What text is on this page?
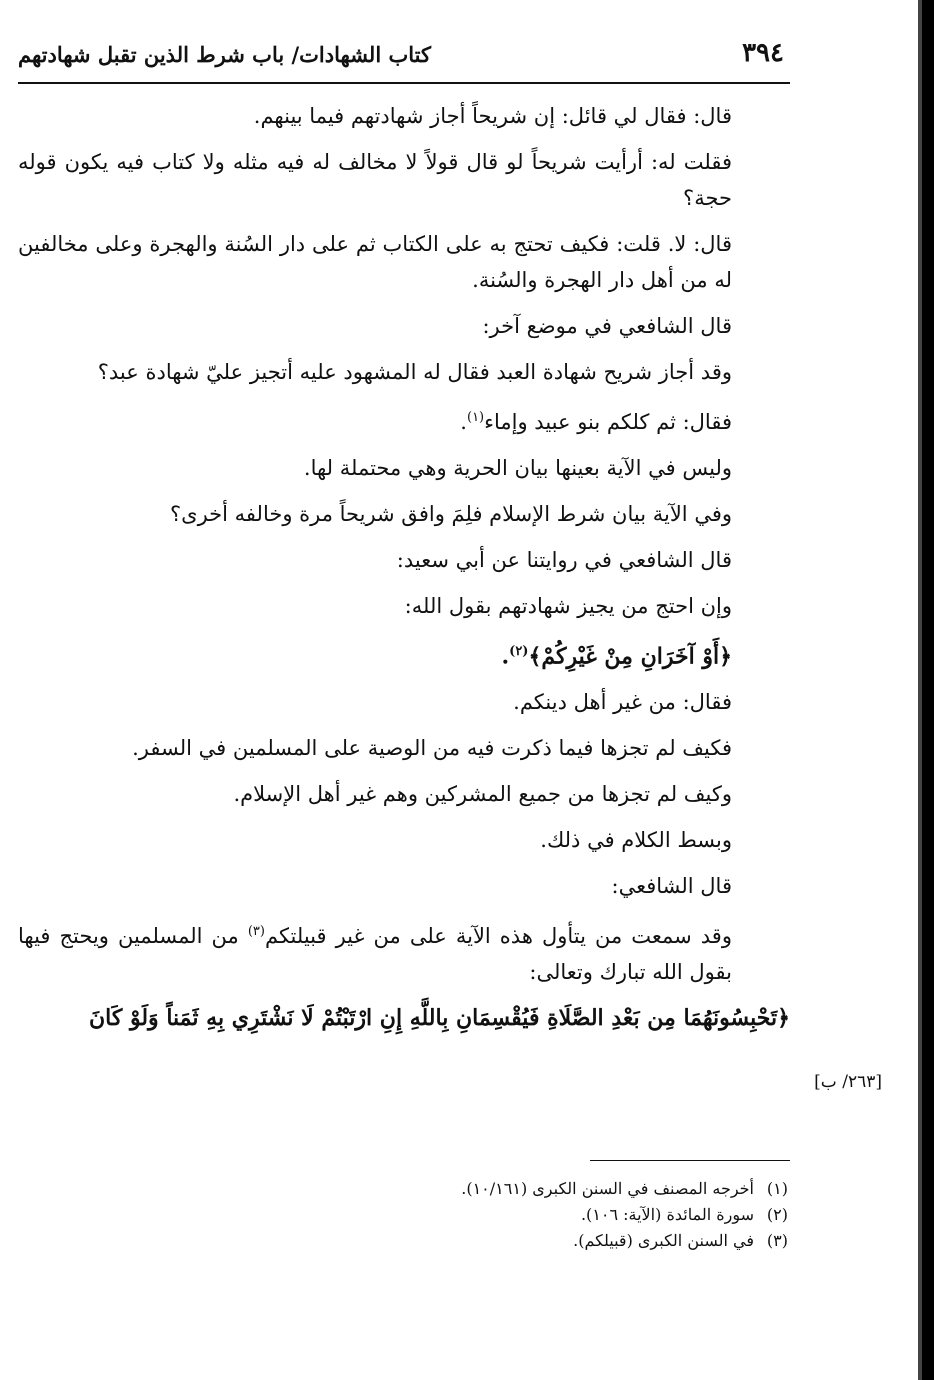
٣٩٤
كتاب الشهادات/ باب شرط الذين تقبل شهادتهم

قال: فقال لي قائل: إن شريحاً أجاز شهادتهم فيما بينهم.

فقلت له: أرأيت شريحاً لو قال قولاً لا مخالف له فيه مثله ولا كتاب فيه يكون قوله حجة؟

قال: لا. قلت: فكيف تحتج به على الكتاب ثم على دار السُنة والهجرة وعلى مخالفين له من أهل دار الهجرة والسُنة.

قال الشافعي في موضع آخر:

وقد أجاز شريح شهادة العبد فقال له المشهود عليه أتجيز عليّ شهادة عبد؟

فقال: ثم كلكم بنو عبيد وإماء$^{(١)}$.

وليس في الآية بعينها بيان الحرية وهي محتملة لها.

وفي الآية بيان شرط الإسلام فلِمَ وافق شريحاً مرة وخالفه أخرى؟

قال الشافعي في روايتنا عن أبي سعيد:

وإن احتج من يجيز شهادتهم بقول الله:

﴿أَوْ آخَرَانِ مِنْ غَيْرِكُمْ﴾$^{(٢)}$.

فقال: من غير أهل دينكم.

فكيف لم تجزها فيما ذكرت فيه من الوصية على المسلمين في السفر.

وكيف لم تجزها من جميع المشركين وهم غير أهل الإسلام.

وبسط الكلام في ذلك.

قال الشافعي:

وقد سمعت من يتأول هذه الآية على من غير قبيلتكم$^{(٣)}$ من المسلمين ويحتج فيها بقول الله تبارك وتعالى:

﴿تَحْبِسُونَهُمَا مِن بَعْدِ الصَّلَاةِ فَيُقْسِمَانِ بِاللَّهِ إِنِ ارْتَبْتُمْ لَا نَشْتَرِي بِهِ ثَمَناً وَلَوْ كَانَ

[٢٦٣/ ب]
(١)أخرجه المصنف في السنن الكبرى (١٠/١٦١).
(٢)سورة المائدة (الآية: ١٠٦).
(٣)في السنن الكبرى (قبيلكم).
